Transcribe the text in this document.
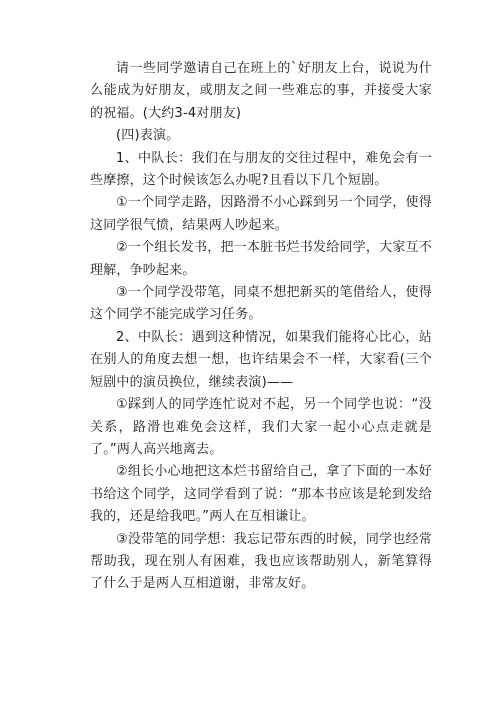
请一些同学邀请自己在班上的`好朋友上台，说说为什么能成为好朋友，或朋友之间一些难忘的事，并接受大家的祝福。(大约3-4对朋友)

(四)表演。

1、中队长：我们在与朋友的交往过程中，难免会有一些摩擦，这个时候该怎么办呢?且看以下几个短剧。

①一个同学走路，因路滑不小心踩到另一个同学，使得这同学很气愤，结果两人吵起来。

②一个组长发书，把一本脏书烂书发给同学，大家互不理解，争吵起来。

③一个同学没带笔，同桌不想把新买的笔借给人，使得这个同学不能完成学习任务。

2、中队长：遇到这种情况，如果我们能将心比心，站在别人的角度去想一想，也许结果会不一样，大家看(三个短剧中的演员换位，继续表演)——

①踩到人的同学连忙说对不起，另一个同学也说：“没关系，路滑也难免会这样，我们大家一起小心点走就是了。”两人高兴地离去。

②组长小心地把这本烂书留给自己，拿了下面的一本好书给这个同学，这同学看到了说：“那本书应该是轮到发给我的，还是给我吧。”两人在互相谦让。

③没带笔的同学想：我忘记带东西的时候，同学也经常帮助我，现在别人有困难，我也应该帮助别人，新笔算得了什么于是两人互相道谢，非常友好。
